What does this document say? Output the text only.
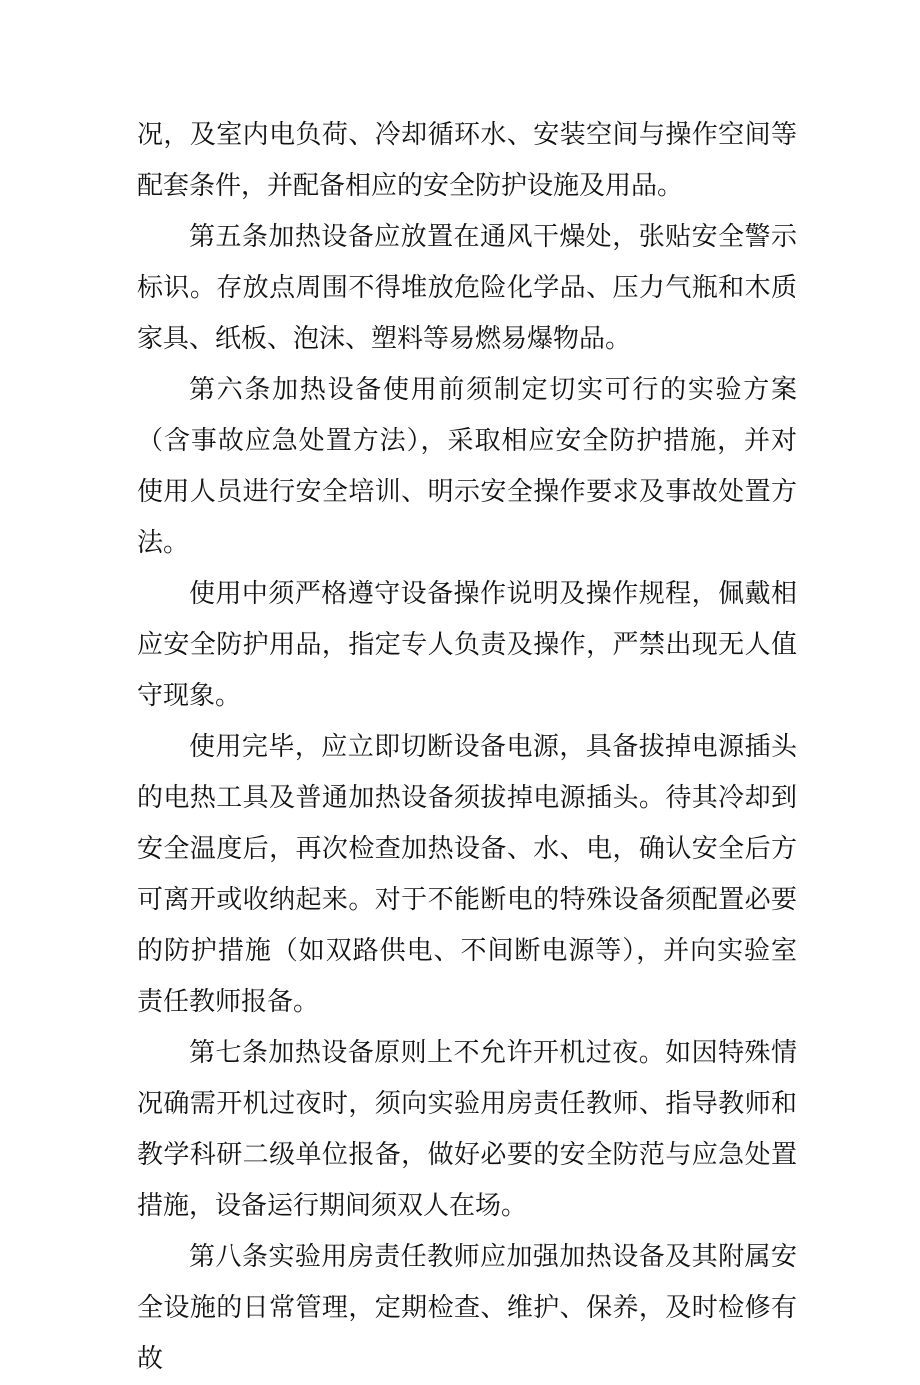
况，及室内电负荷、冷却循环水、安装空间与操作空间等配套条件，并配备相应的安全防护设施及用品。

第五条加热设备应放置在通风干燥处，张贴安全警示标识。存放点周围不得堆放危险化学品、压力气瓶和木质家具、纸板、泡沫、塑料等易燃易爆物品。

第六条加热设备使用前须制定切实可行的实验方案（含事故应急处置方法），采取相应安全防护措施，并对使用人员进行安全培训、明示安全操作要求及事故处置方法。

使用中须严格遵守设备操作说明及操作规程，佩戴相应安全防护用品，指定专人负责及操作，严禁出现无人值守现象。

使用完毕，应立即切断设备电源，具备拔掉电源插头的电热工具及普通加热设备须拔掉电源插头。待其冷却到安全温度后，再次检查加热设备、水、电，确认安全后方可离开或收纳起来。对于不能断电的特殊设备须配置必要的防护措施（如双路供电、不间断电源等），并向实验室责任教师报备。

第七条加热设备原则上不允许开机过夜。如因特殊情况确需开机过夜时，须向实验用房责任教师、指导教师和教学科研二级单位报备，做好必要的安全防范与应急处置措施，设备运行期间须双人在场。

第八条实验用房责任教师应加强加热设备及其附属安全设施的日常管理，定期检查、维护、保养，及时检修有故
